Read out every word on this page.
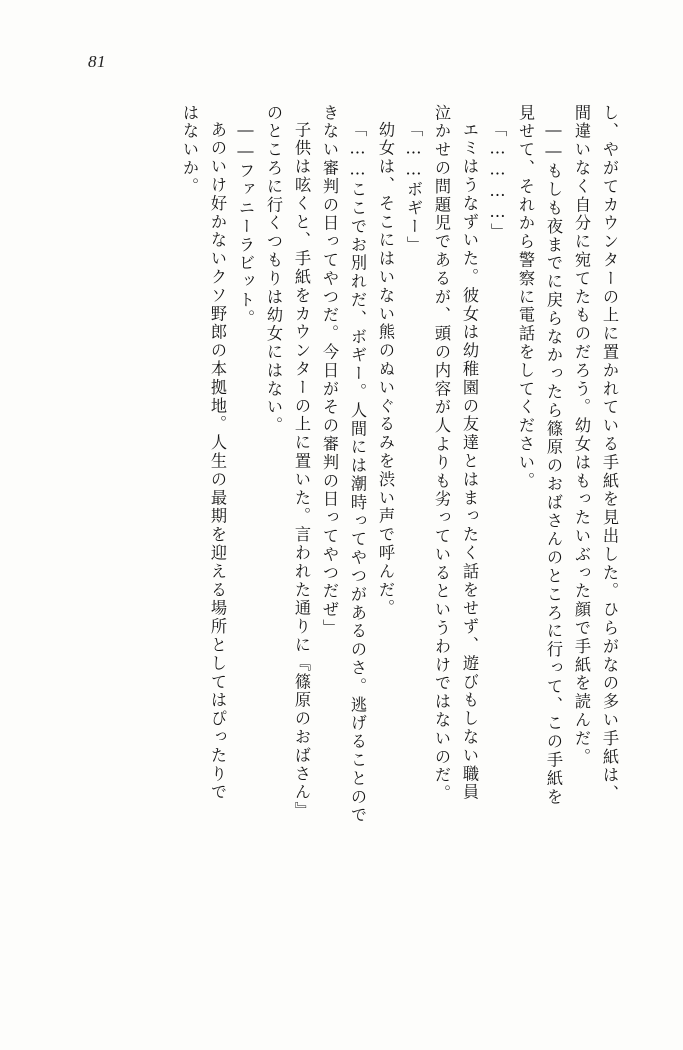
81
し、やがてカウンターの上に置かれている手紙を見出した。ひらがなの多い手紙は、
間違いなく自分に宛てたものだろう。幼女はもったいぶった顔で手紙を読んだ。
――もしも夜までに戻らなかったら篠原のおばさんのところに行って、この手紙を
見せて、それから警察に電話をしてください。
「…………」
エミはうなずいた。彼女は幼稚園の友達とはまったく話をせず、遊びもしない職員
泣かせの問題児であるが、頭の内容が人よりも劣っているというわけではないのだ。
「……ボギー」
幼女は、そこにはいない熊のぬいぐるみを渋い声で呼んだ。
「……ここでお別れだ、ボギー。人間には潮時ってやつがあるのさ。逃げることので
きない審判の日ってやつだ。今日がその審判の日ってやつだぜ」
子供は呟くと、手紙をカウンターの上に置いた。言われた通りに『篠原のおばさん』
のところに行くつもりは幼女にはない。
――ファニーラビット。
あのいけ好かないクソ野郎の本拠地。人生の最期を迎える場所としてはぴったりで
はないか。
